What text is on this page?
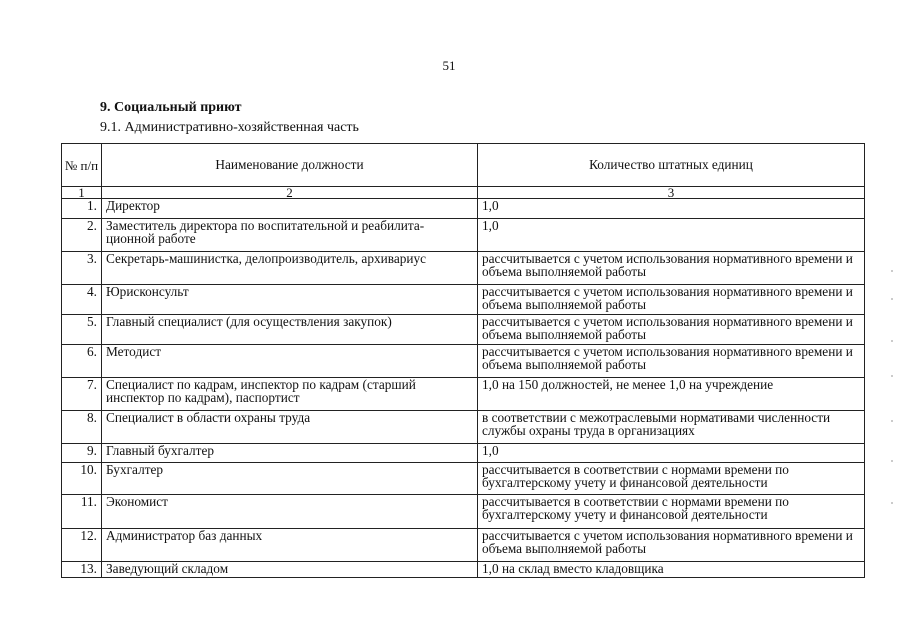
51
9. Социальный приют
9.1. Административно-хозяйственная часть
№ п/п	Наименование должности	Количество штатных единиц
1	2	3
1.	Директор	1,0
2.	Заместитель директора по воспитательной и реабилита-ционной работе	1,0
3.	Секретарь-машинистка, делопроизводитель, архивариус	рассчитывается с учетом использования нормативного времени и объема выполняемой работы
4.	Юрисконсульт	рассчитывается с учетом использования нормативного времени и объема выполняемой работы
5.	Главный специалист (для осуществления закупок)	рассчитывается с учетом использования нормативного времени и объема выполняемой работы
6.	Методист	рассчитывается с учетом использования нормативного времени и объема выполняемой работы
7.	Специалист по кадрам, инспектор по кадрам (старший инспектор по кадрам), паспортист	1,0 на 150 должностей, не менее 1,0 на учреждение
8.	Специалист в области охраны труда	в соответствии с межотраслевыми нормативами численности службы охраны труда в организациях
9.	Главный бухгалтер	1,0
10.	Бухгалтер	рассчитывается в соответствии с нормами времени по бухгалтерскому учету и финансовой деятельности
11.	Экономист	рассчитывается в соответствии с нормами времени по бухгалтерскому учету и финансовой деятельности
12.	Администратор баз данных	рассчитывается с учетом использования нормативного времени и объема выполняемой работы
13.	Заведующий складом	1,0 на склад вместо кладовщика
